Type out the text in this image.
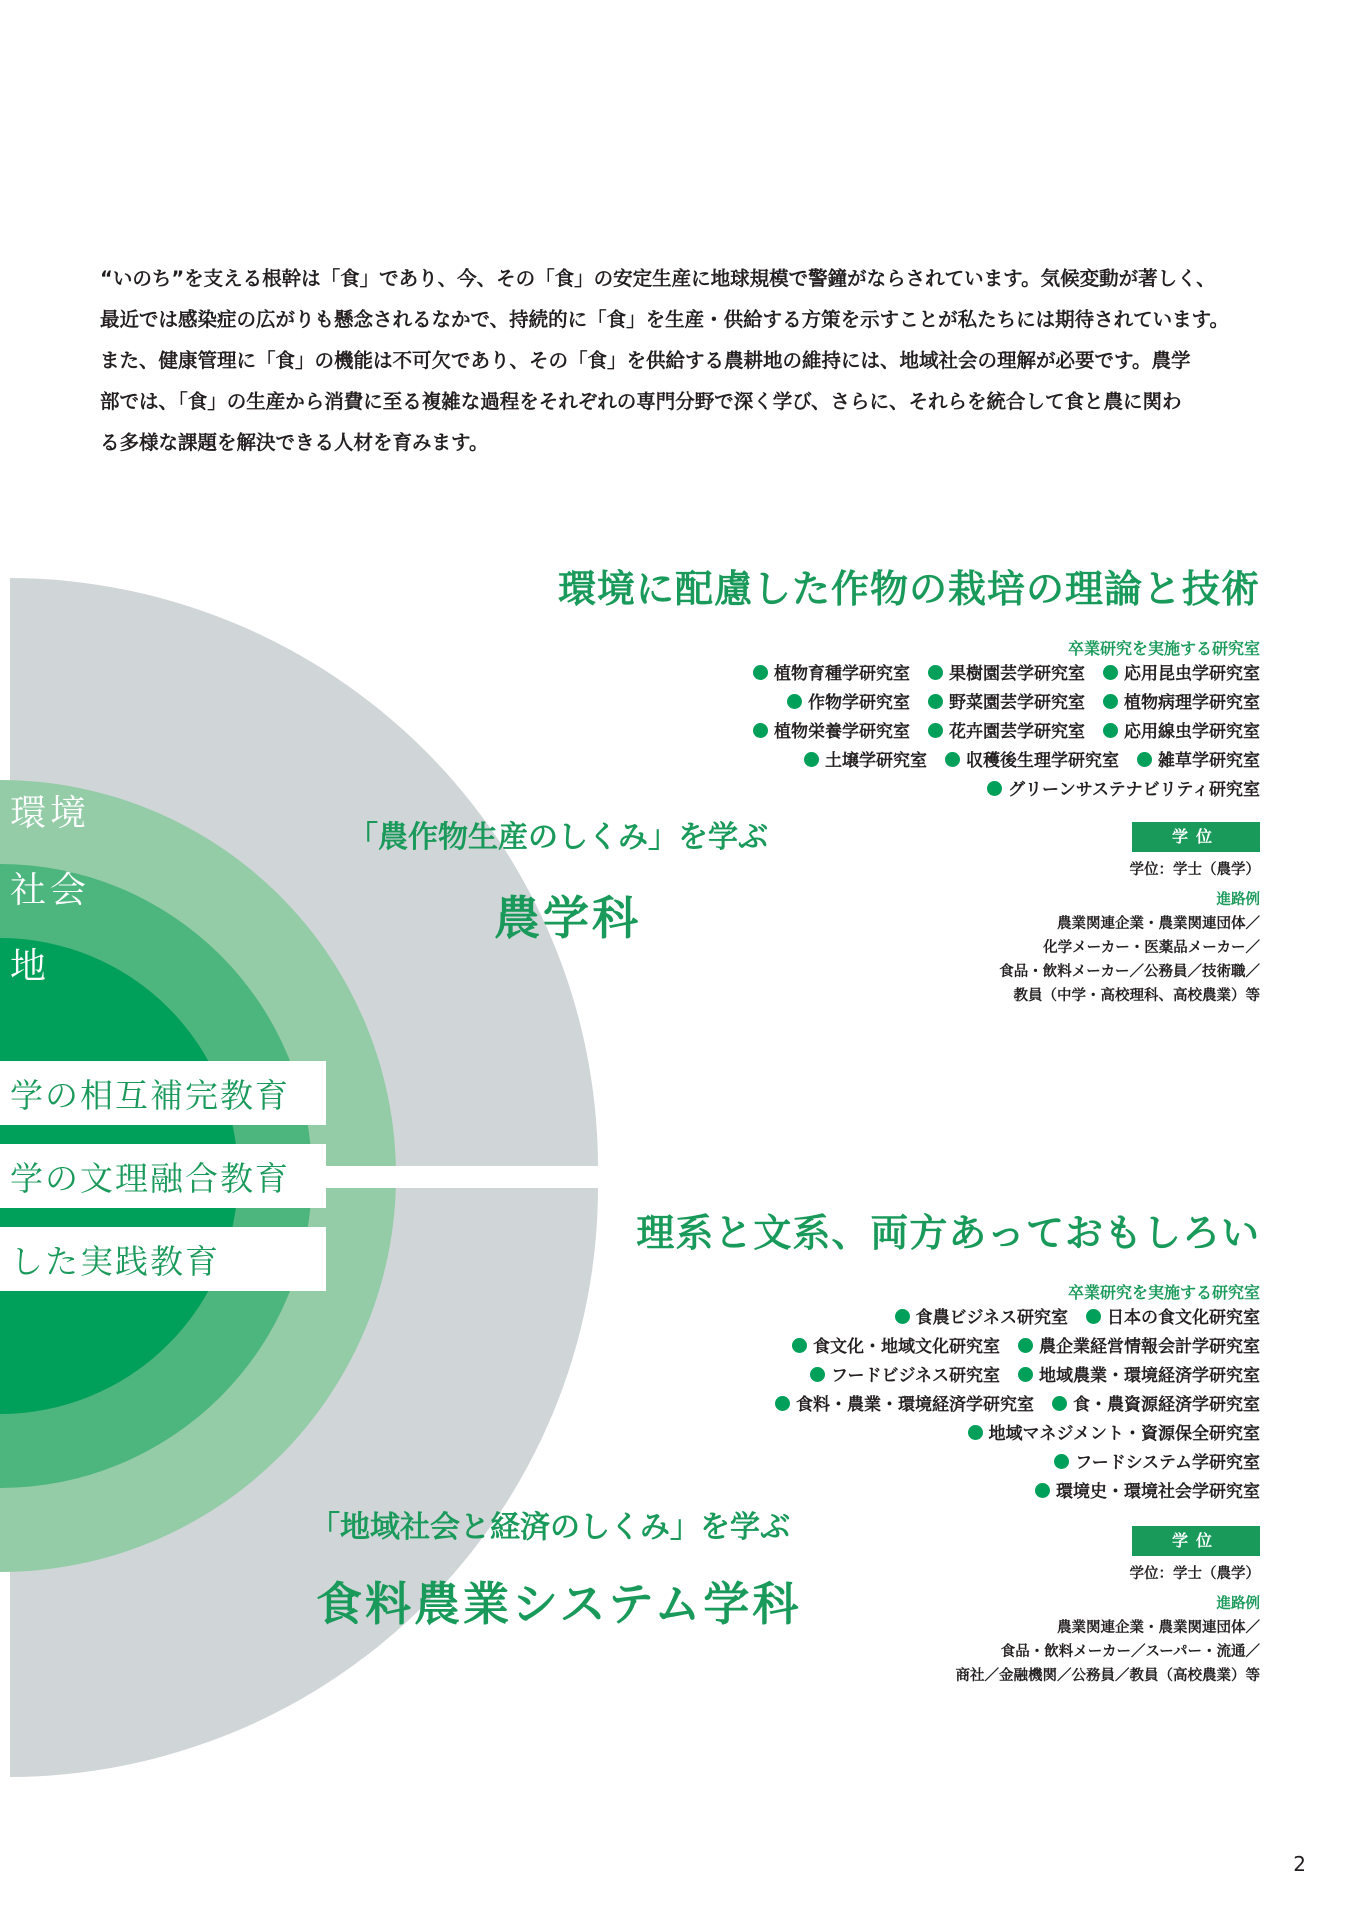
“いのち”を支える根幹は「食」であり、今、その「食」の安定生産に地球規模で警鐘がならされています。気候変動が著しく、

最近では感染症の広がりも懸念されるなかで、持続的に「食」を生産・供給する方策を示すことが私たちには期待されています。

また、健康管理に「食」の機能は不可欠であり、その「食」を供給する農耕地の維持には、地域社会の理解が必要です。農学

部では、「食」の生産から消費に至る複雑な過程をそれぞれの専門分野で深く学び、さらに、それらを統合して食と農に関わ

る多様な課題を解決できる人材を育みます。

環境
社会
地
学の相互補完教育
学の文理融合教育
した実践教育
環境に配慮した作物の栽培の理論と技術
卒業研究を実施する研究室
植物育種学研究室 果樹園芸学研究室 応用昆虫学研究室
作物学研究室 野菜園芸学研究室 植物病理学研究室
植物栄養学研究室 花卉園芸学研究室 応用線虫学研究室
土壌学研究室 収穫後生理学研究室 雑草学研究室
グリーンサステナビリティ研究室
学位
学位：学士（農学）
進路例
農業関連企業・農業関連団体／
化学メーカー・医薬品メーカー／
食品・飲料メーカー／公務員／技術職／
教員（中学・高校理科、高校農業）等
「農作物生産のしくみ」を学ぶ
農学科
理系と文系、両方あっておもしろい
卒業研究を実施する研究室
食農ビジネス研究室 日本の食文化研究室
食文化・地域文化研究室 農企業経営情報会計学研究室
フードビジネス研究室 地域農業・環境経済学研究室
食料・農業・環境経済学研究室 食・農資源経済学研究室
地域マネジメント・資源保全研究室
フードシステム学研究室
環境史・環境社会学研究室
学位
学位：学士（農学）
進路例
農業関連企業・農業関連団体／
食品・飲料メーカー／スーパー・流通／
商社／金融機関／公務員／教員（高校農業）等
「地域社会と経済のしくみ」を学ぶ
食料農業システム学科
2
